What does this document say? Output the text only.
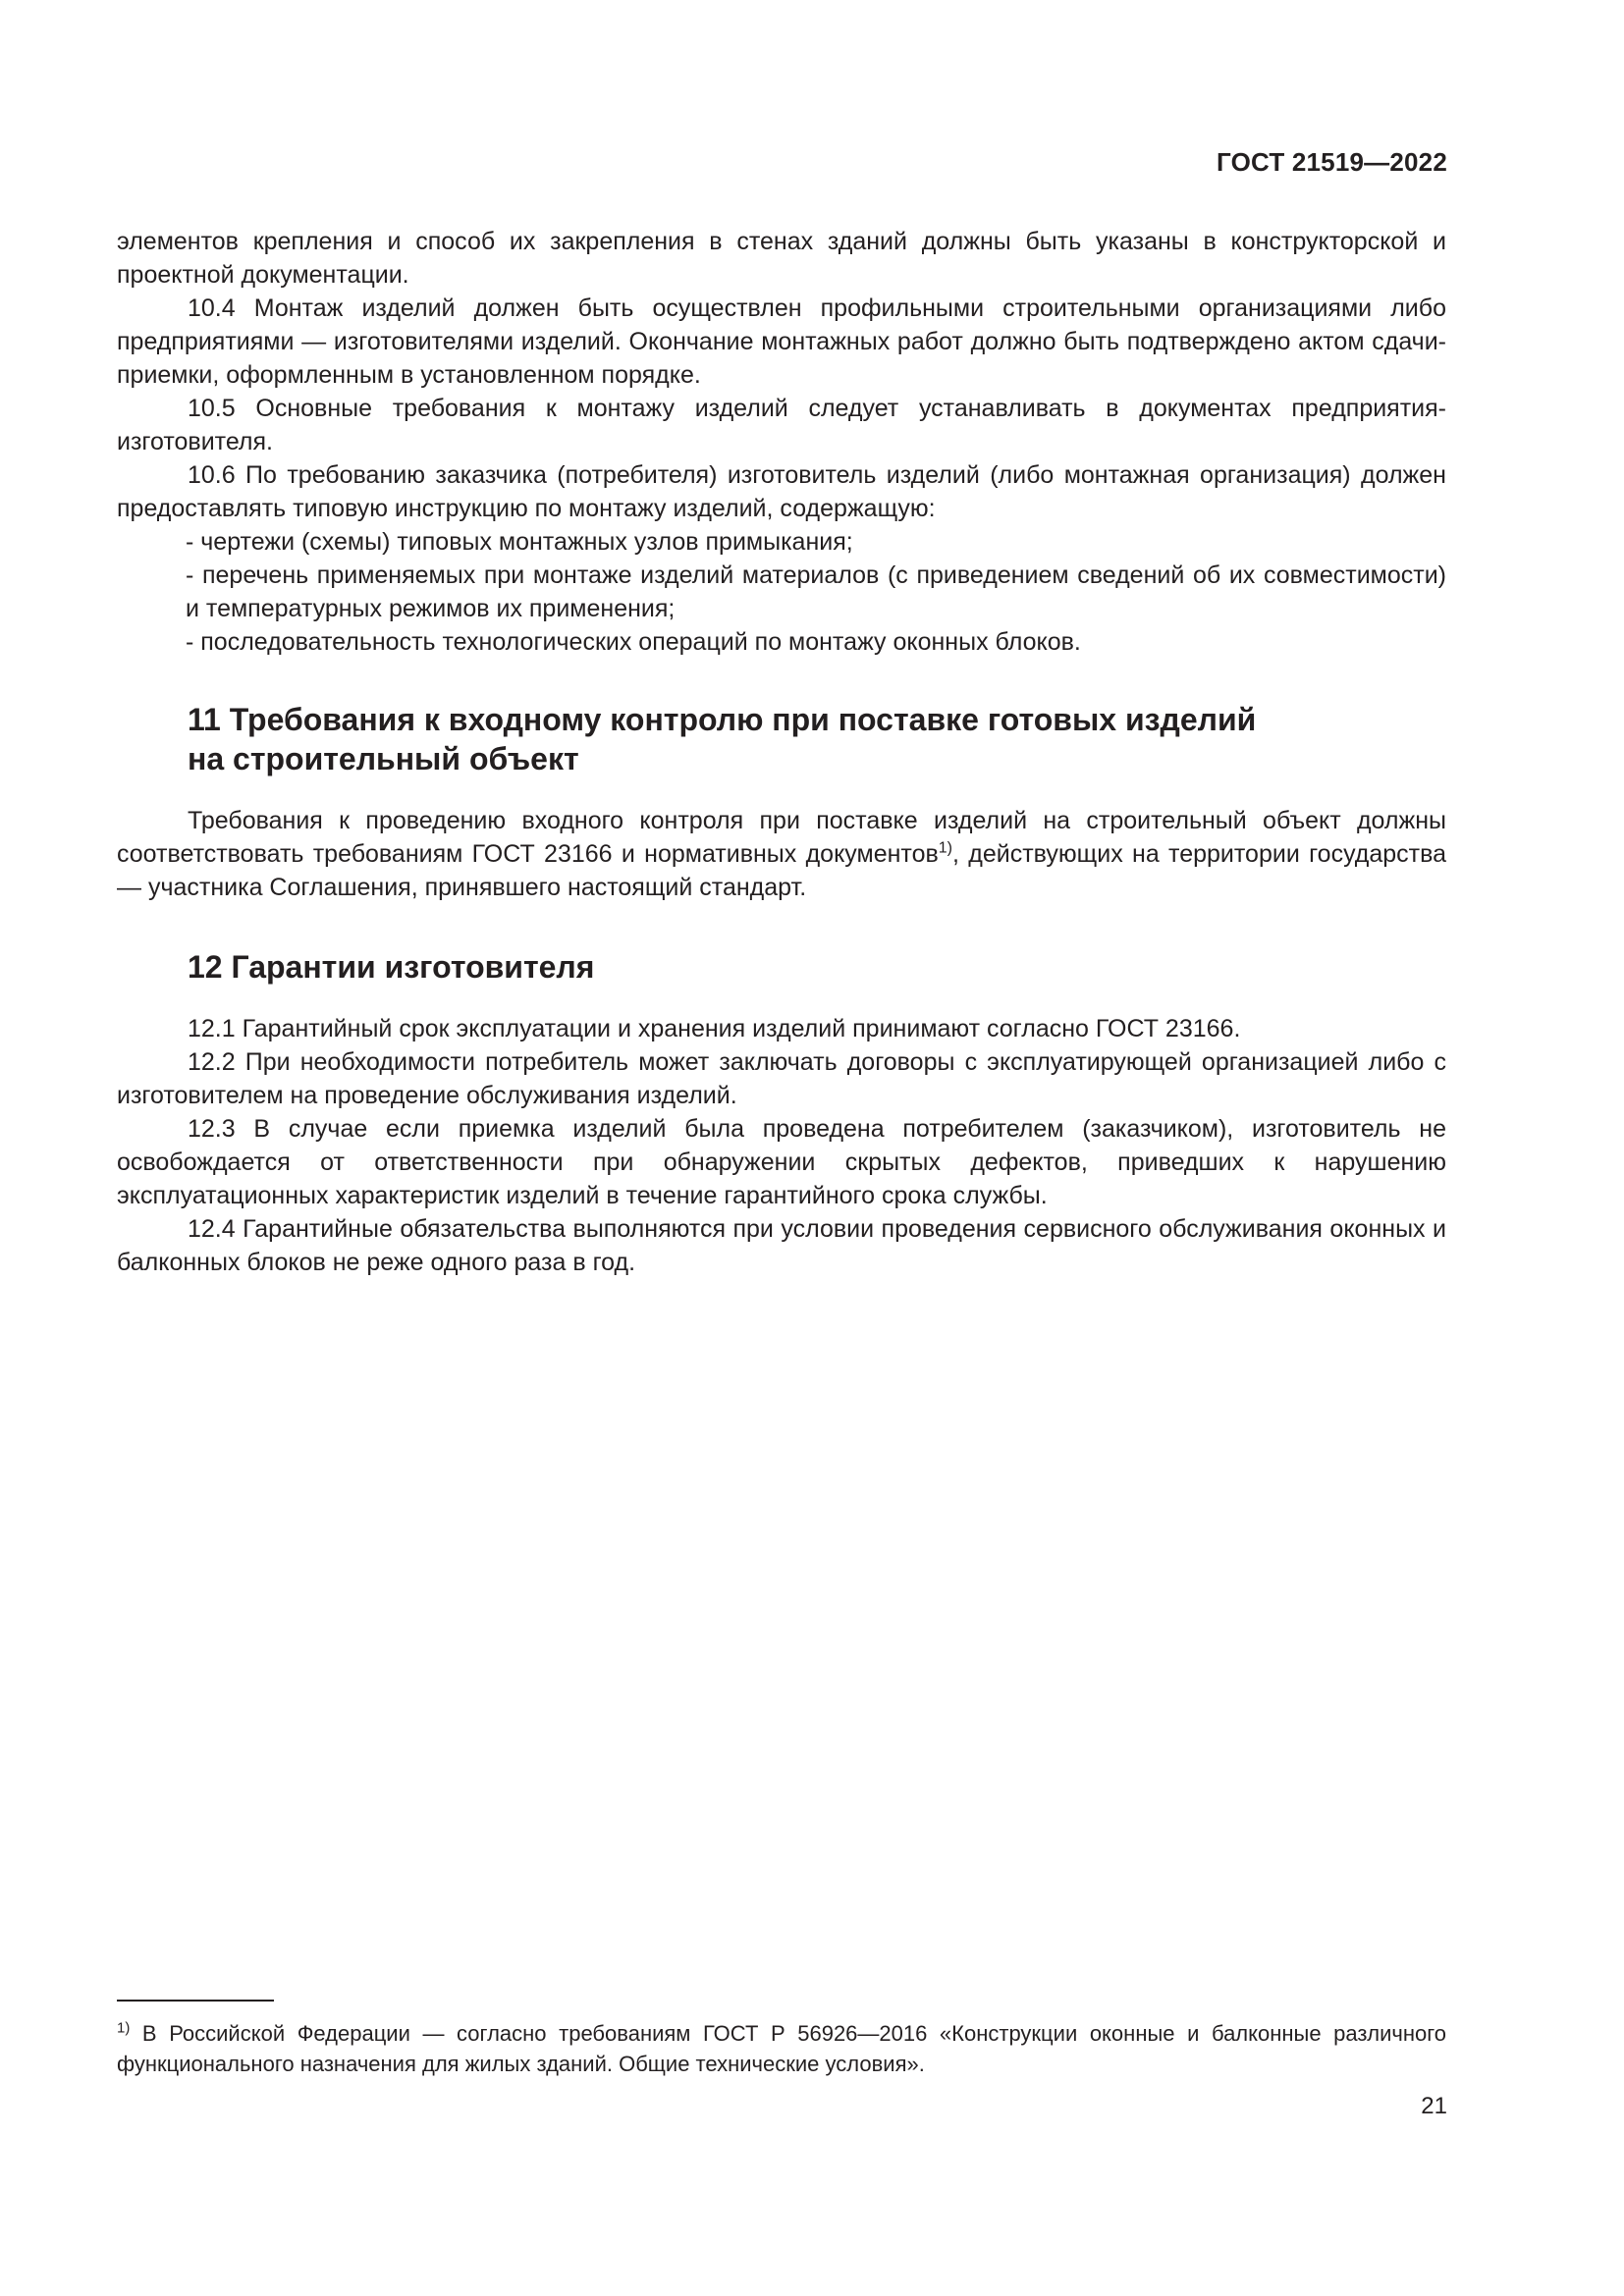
ГОСТ 21519—2022

элементов крепления и способ их закрепления в стенах зданий должны быть указаны в конструкторской и проектной документации.

10.4 Монтаж изделий должен быть осуществлен профильными строительными организациями либо предприятиями — изготовителями изделий. Окончание монтажных работ должно быть подтверждено актом сдачи-приемки, оформленным в установленном порядке.

10.5 Основные требования к монтажу изделий следует устанавливать в документах предприятия-изготовителя.

10.6 По требованию заказчика (потребителя) изготовитель изделий (либо монтажная организация) должен предоставлять типовую инструкцию по монтажу изделий, содержащую:

- чертежи (схемы) типовых монтажных узлов примыкания;

- перечень применяемых при монтаже изделий материалов (с приведением сведений об их совместимости) и температурных режимов их применения;

- последовательность технологических операций по монтажу оконных блоков.

11 Требования к входному контролю при поставке готовых изделий
на строительный объект

Требования к проведению входного контроля при поставке изделий на строительный объект должны соответствовать требованиям ГОСТ 23166 и нормативных документов$^{1)}$, действующих на территории государства — участника Соглашения, принявшего настоящий стандарт.

12 Гарантии изготовителя

12.1 Гарантийный срок эксплуатации и хранения изделий принимают согласно ГОСТ 23166.

12.2 При необходимости потребитель может заключать договоры с эксплуатирующей организацией либо с изготовителем на проведение обслуживания изделий.

12.3 В случае если приемка изделий была проведена потребителем (заказчиком), изготовитель не освобождается от ответственности при обнаружении скрытых дефектов, приведших к нарушению эксплуатационных характеристик изделий в течение гарантийного срока службы.

12.4 Гарантийные обязательства выполняются при условии проведения сервисного обслуживания оконных и балконных блоков не реже одного раза в год.

$^{1)}$ В Российской Федерации — согласно требованиям ГОСТ Р 56926—2016 «Конструкции оконные и балконные различного функционального назначения для жилых зданий. Общие технические условия».

21
